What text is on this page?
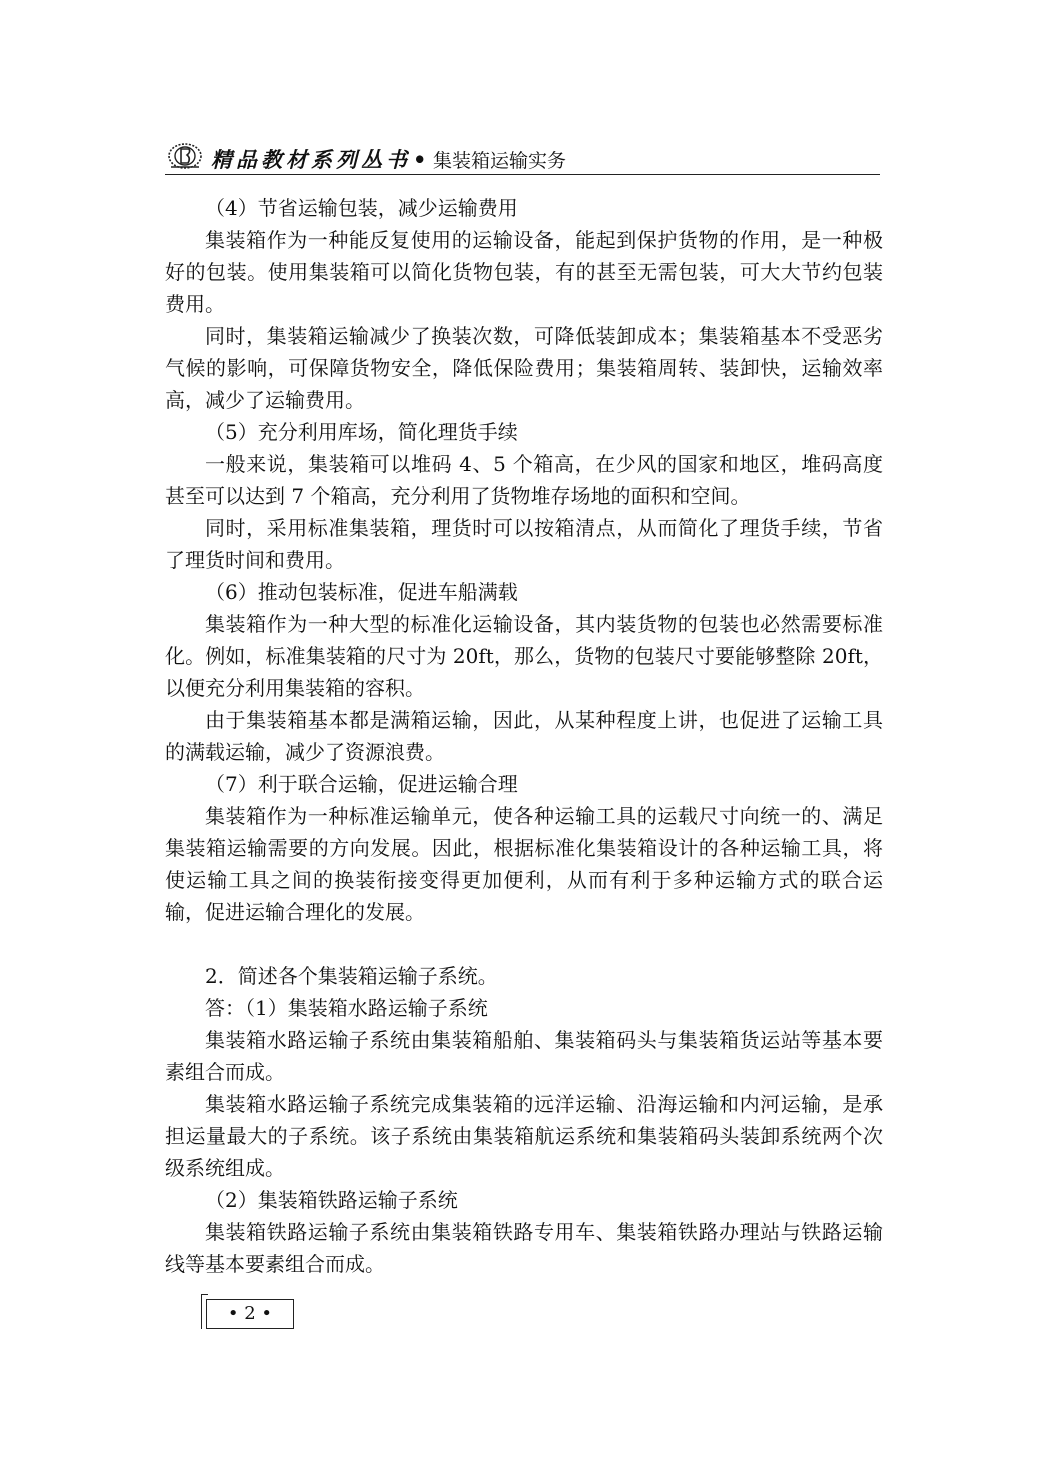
精品教材系列丛书• 集装箱运输实务

（4）节省运输包装，减少运输费用

集装箱作为一种能反复使用的运输设备，能起到保护货物的作用，是一种极好的包装。使用集装箱可以简化货物包装，有的甚至无需包装，可大大节约包装费用。

同时，集装箱运输减少了换装次数，可降低装卸成本；集装箱基本不受恶劣气候的影响，可保障货物安全，降低保险费用；集装箱周转、装卸快，运输效率高，减少了运输费用。

（5）充分利用库场，简化理货手续

一般来说，集装箱可以堆码 4、5 个箱高，在少风的国家和地区，堆码高度甚至可以达到 7 个箱高，充分利用了货物堆存场地的面积和空间。

同时，采用标准集装箱，理货时可以按箱清点，从而简化了理货手续，节省了理货时间和费用。

（6）推动包装标准，促进车船满载

集装箱作为一种大型的标准化运输设备，其内装货物的包装也必然需要标准化。例如，标准集装箱的尺寸为 20ft，那么，货物的包装尺寸要能够整除 20ft，以便充分利用集装箱的容积。

由于集装箱基本都是满箱运输，因此，从某种程度上讲，也促进了运输工具的满载运输，减少了资源浪费。

（7）利于联合运输，促进运输合理

集装箱作为一种标准运输单元，使各种运输工具的运载尺寸向统一的、满足集装箱运输需要的方向发展。因此，根据标准化集装箱设计的各种运输工具，将使运输工具之间的换装衔接变得更加便利，从而有利于多种运输方式的联合运输，促进运输合理化的发展。

2．简述各个集装箱运输子系统。

答：（1）集装箱水路运输子系统

集装箱水路运输子系统由集装箱船舶、集装箱码头与集装箱货运站等基本要素组合而成。

集装箱水路运输子系统完成集装箱的远洋运输、沿海运输和内河运输，是承担运量最大的子系统。该子系统由集装箱航运系统和集装箱码头装卸系统两个次级系统组成。

（2）集装箱铁路运输子系统

集装箱铁路运输子系统由集装箱铁路专用车、集装箱铁路办理站与铁路运输线等基本要素组合而成。

• 2 •
